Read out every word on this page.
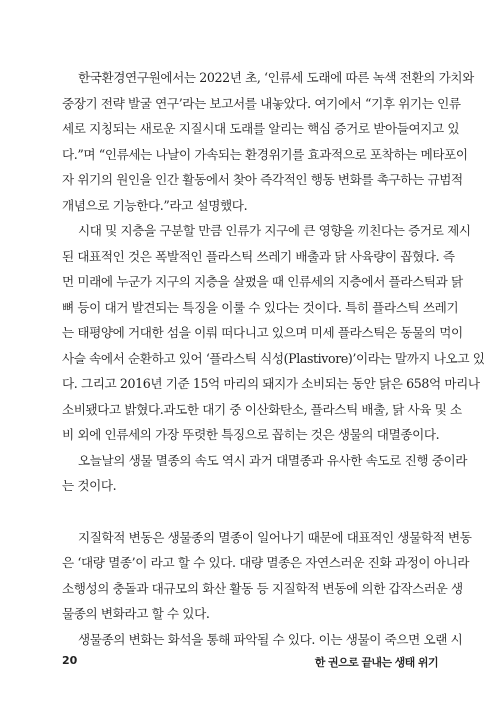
한국환경연구원에서는 2022년 초, ‘인류세 도래에 따른 녹색 전환의 가치와
중장기 전략 발굴 연구’라는 보고서를 내놓았다. 여기에서 “기후 위기는 인류
세로 지칭되는 새로운 지질시대 도래를 알리는 핵심 증거로 받아들여지고 있
다.”며 “인류세는 나날이 가속되는 환경위기를 효과적으로 포착하는 메타포이
자 위기의 원인을 인간 활동에서 찾아 즉각적인 행동 변화를 촉구하는 규범적
개념으로 기능한다.”라고 설명했다.
시대 및 지층을 구분할 만큼 인류가 지구에 큰 영향을 끼친다는 증거로 제시
된 대표적인 것은 폭발적인 플라스틱 쓰레기 배출과 닭 사육량이 꼽혔다. 즉
먼 미래에 누군가 지구의 지층을 살폈을 때 인류세의 지층에서 플라스틱과 닭
뼈 등이 대거 발견되는 특징을 이룰 수 있다는 것이다. 특히 플라스틱 쓰레기
는 태평양에 거대한 섬을 이뤄 떠다니고 있으며 미세 플라스틱은 동물의 먹이
사슬 속에서 순환하고 있어 ‘플라스틱 식성(Plastivore)’이라는 말까지 나오고 있
다. 그리고 2016년 기준 15억 마리의 돼지가 소비되는 동안 닭은 658억 마리나
소비됐다고 밝혔다.과도한 대기 중 이산화탄소, 플라스틱 배출, 닭 사육 및 소
비 외에 인류세의 가장 뚜렷한 특징으로 꼽히는 것은 생물의 대멸종이다.
오늘날의 생물 멸종의 속도 역시 과거 대멸종과 유사한 속도로 진행 중이라
는 것이다.
지질학적 변동은 생물종의 멸종이 일어나기 때문에 대표적인 생물학적 변동
은 ‘대량 멸종’이 라고 할 수 있다. 대량 멸종은 자연스러운 진화 과정이 아니라
소행성의 충돌과 대규모의 화산 활동 등 지질학적 변동에 의한 갑작스러운 생
물종의 변화라고 할 수 있다.
생물종의 변화는 화석을 통해 파악될 수 있다. 이는 생물이 죽으면 오랜 시
20	한 권으로 끝내는 생태 위기
